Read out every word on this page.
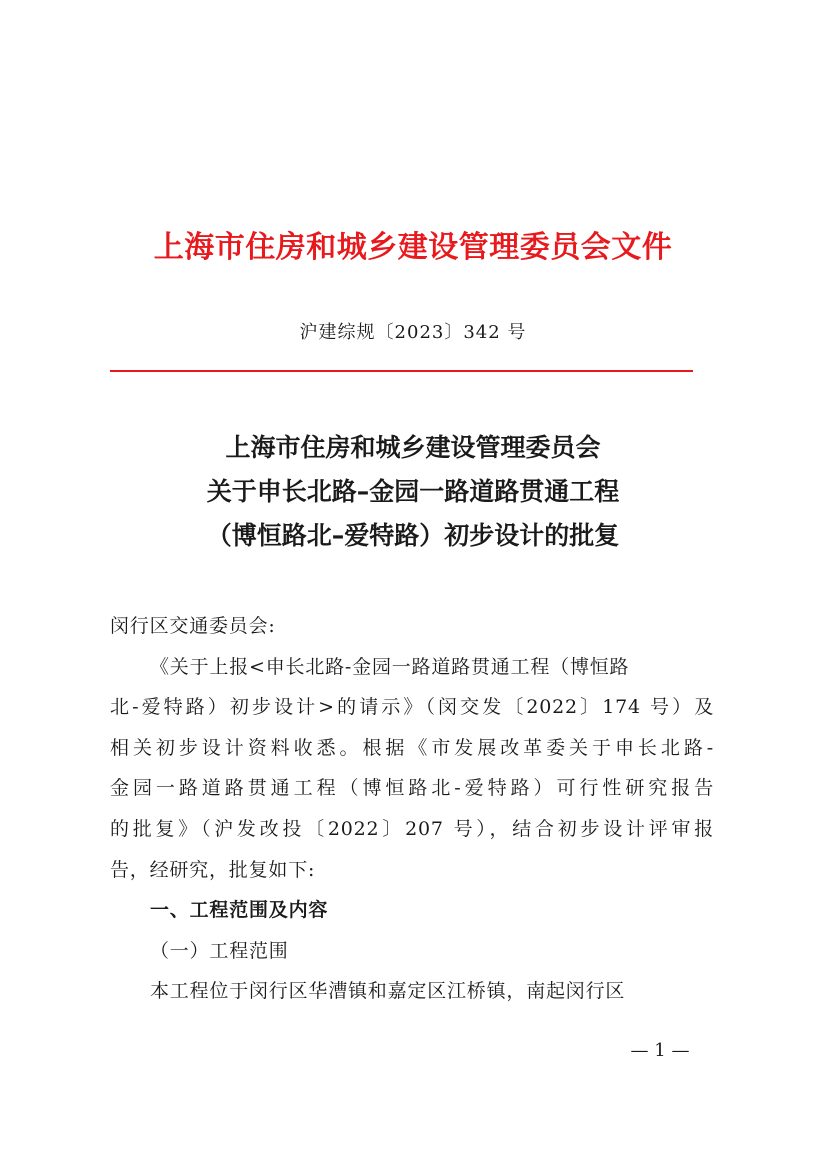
上海市住房和城乡建设管理委员会文件
沪建综规〔2023〕342 号
上海市住房和城乡建设管理委员会
关于申长北路–金园一路道路贯通工程
（博恒路北–爱特路）初步设计的批复
闵行区交通委员会:
《关于上报<申长北路-金园一路道路贯通工程（博恒路
北-爱特路）初步设计>的请示》（闵交发〔2022〕174 号）及
相关初步设计资料收悉。根据《市发展改革委关于申长北路-
金园一路道路贯通工程（博恒路北-爱特路）可行性研究报告
的批复》（沪发改投〔2022〕207 号），结合初步设计评审报
告，经研究，批复如下:
一、工程范围及内容
（一）工程范围
本工程位于闵行区华漕镇和嘉定区江桥镇，南起闵行区
— 1 —
